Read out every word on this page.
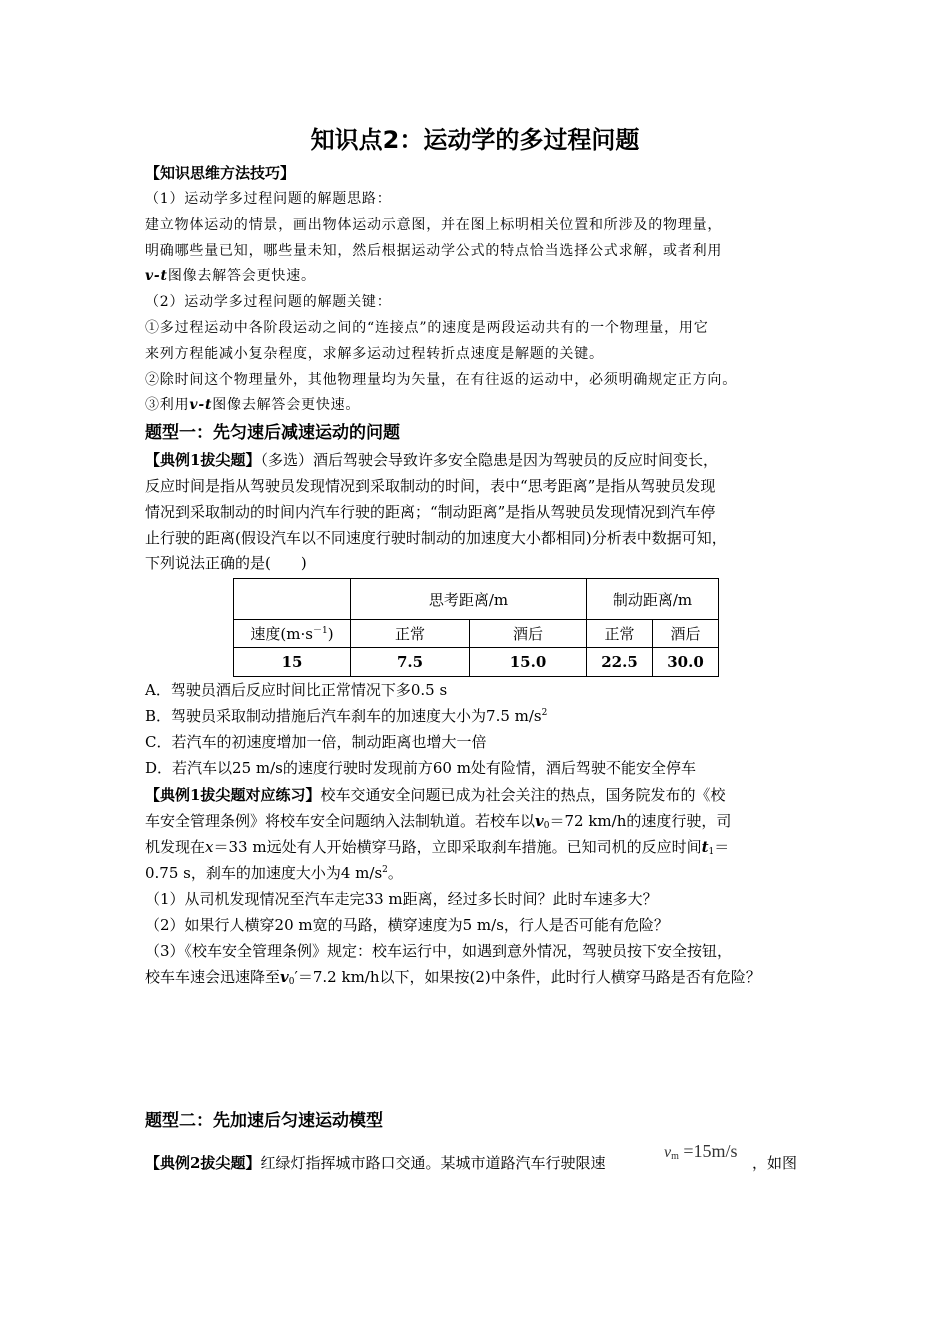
知识点2：运动学的多过程问题
【知识思维方法技巧】
（1）运动学多过程问题的解题思路：
建立物体运动的情景，画出物体运动示意图，并在图上标明相关位置和所涉及的物理量，
明确哪些量已知，哪些量未知，然后根据运动学公式的特点恰当选择公式求解，或者利用
v-t图像去解答会更快速。
（2）运动学多过程问题的解题关键：
①多过程运动中各阶段运动之间的“连接点”的速度是两段运动共有的一个物理量，用它
来列方程能减小复杂程度，求解多运动过程转折点速度是解题的关键。
②除时间这个物理量外，其他物理量均为矢量，在有往返的运动中，必须明确规定正方向。
③利用v-t图像去解答会更快速。
题型一：先匀速后减速运动的问题
【典例1拔尖题】（多选）酒后驾驶会导致许多安全隐患是因为驾驶员的反应时间变长，
反应时间是指从驾驶员发现情况到采取制动的时间，表中“思考距离”是指从驾驶员发现
情况到采取制动的时间内汽车行驶的距离；“制动距离”是指从驾驶员发现情况到汽车停
止行驶的距离(假设汽车以不同速度行驶时制动的加速度大小都相同)分析表中数据可知，
下列说法正确的是(　　)
	思考距离/m		制动距离/m	
速度$(m\cdot s^{-1})$	正常	酒后	正常	酒后
15	7.5	15.0	22.5	30.0
A．驾驶员酒后反应时间比正常情况下多0.5 s
B．驾驶员采取制动措施后汽车刹车的加速度大小为7.5 $m/s^2$
C．若汽车的初速度增加一倍，制动距离也增大一倍
D．若汽车以25 m/s的速度行驶时发现前方60 m处有险情，酒后驾驶不能安全停车
【典例1拔尖题对应练习】校车交通安全问题已成为社会关注的热点，国务院发布的《校
车安全管理条例》将校车安全问题纳入法制轨道。若校车以$v_0=72$ km/h的速度行驶，司
机发现在x＝33 m远处有人开始横穿马路，立即采取刹车措施。已知司机的反应时间$t_1=$
0.75 s，刹车的加速度大小为4 $m/s^2$。
（1）从司机发现情况至汽车走完33 m距离，经过多长时间？此时车速多大？
（2）如果行人横穿20 m宽的马路，横穿速度为5 m/s，行人是否可能有危险？
（3）《校车安全管理条例》规定：校车运行中，如遇到意外情况，驾驶员按下安全按钮，
校车车速会迅速降至$v_0'=7.2$ km/h以下，如果按(2)中条件，此时行人横穿马路是否有危险？
题型二：先加速后匀速运动模型
【典例2拔尖题】红绿灯指挥城市路口交通。某城市道路汽车行驶限速
$v_m =15m/s$
，如图
